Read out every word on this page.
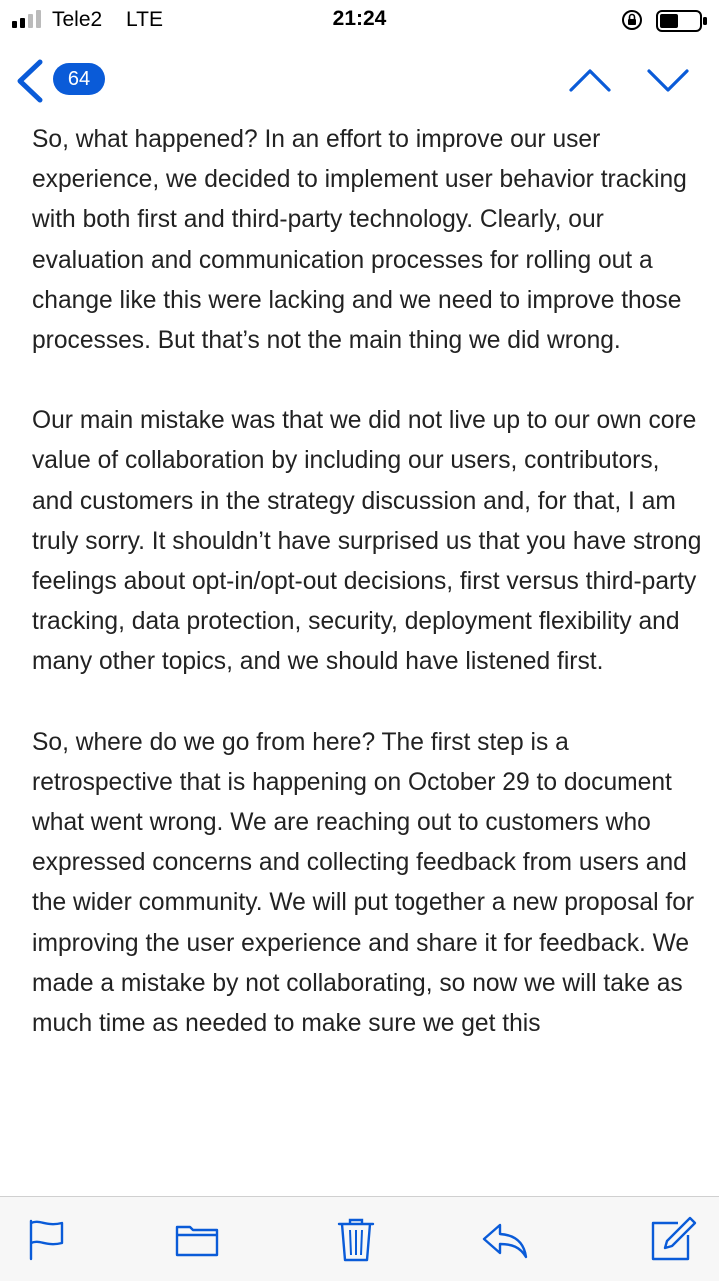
Tele2 LTE	21:24
64

So, what happened? In an effort to improve our user experience, we decided to implement user behavior tracking with both first and third-party technology. Clearly, our evaluation and communication processes for rolling out a change like this were lacking and we need to improve those processes. But that’s not the main thing we did wrong.

Our main mistake was that we did not live up to our own core value of collaboration by including our users, contributors, and customers in the strategy discussion and, for that, I am truly sorry. It shouldn’t have surprised us that you have strong feelings about opt-in/opt-out decisions, first versus third-party tracking, data protection, security, deployment flexibility and many other topics, and we should have listened first.

So, where do we go from here? The first step is a retrospective that is happening on October 29 to document what went wrong. We are reaching out to customers who expressed concerns and collecting feedback from users and the wider community. We will put together a new proposal for improving the user experience and share it for feedback. We made a mistake by not collaborating, so now we will take as much time as needed to make sure we get this
